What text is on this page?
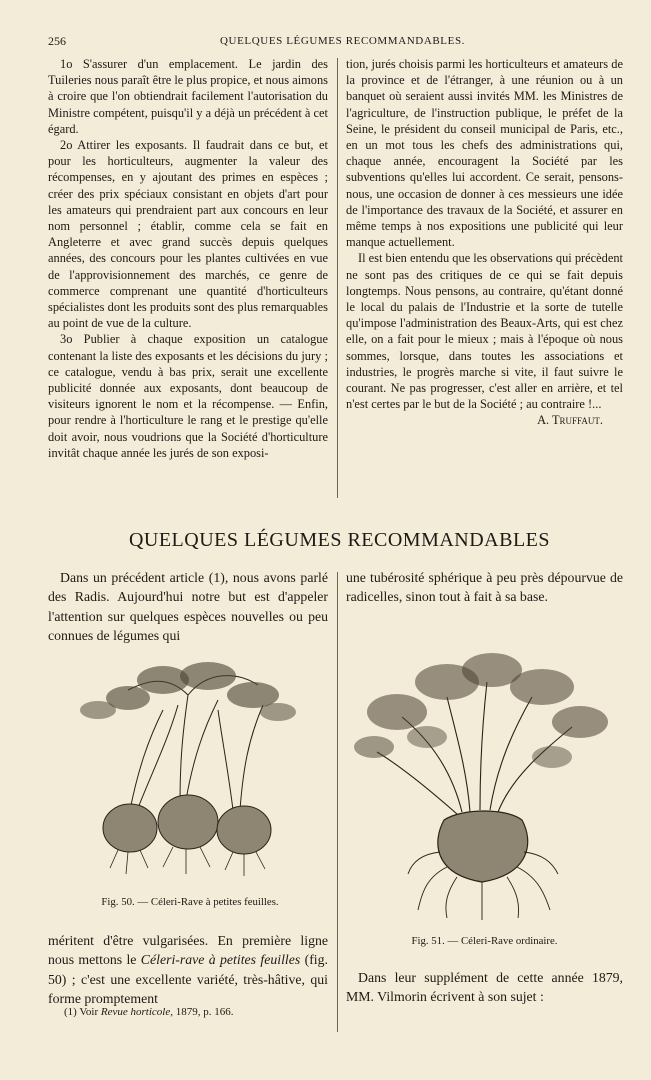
256	QUELQUES LÉGUMES RECOMMANDABLES.

1o S'assurer d'un emplacement. Le jardin des Tuileries nous paraît être le plus propice, et nous aimons à croire que l'on obtiendrait facilement l'autorisation du Ministre compétent, puisqu'il y a déjà un précédent à cet égard.

2o Attirer les exposants. Il faudrait dans ce but, et pour les horticulteurs, augmenter la valeur des récompenses, en y ajoutant des primes en espèces ; créer des prix spéciaux consistant en objets d'art pour les amateurs qui prendraient part aux concours en leur nom personnel ; établir, comme cela se fait en Angleterre et avec grand succès depuis quelques années, des concours pour les plantes cultivées en vue de l'approvisionnement des marchés, ce genre de commerce comprenant une quantité d'horticulteurs spécialistes dont les produits sont des plus remarquables au point de vue de la culture.

3o Publier à chaque exposition un catalogue contenant la liste des exposants et les décisions du jury ; ce catalogue, vendu à bas prix, serait une excellente publicité donnée aux exposants, dont beaucoup de visiteurs ignorent le nom et la récompense. — Enfin, pour rendre à l'horticulture le rang et le prestige qu'elle doit avoir, nous voudrions que la Société d'horticulture invitât chaque année les jurés de son exposi-

tion, jurés choisis parmi les horticulteurs et amateurs de la province et de l'étranger, à une réunion ou à un banquet où seraient aussi invités MM. les Ministres de l'agriculture, de l'instruction publique, le préfet de la Seine, le président du conseil municipal de Paris, etc., en un mot tous les chefs des administrations qui, chaque année, encouragent la Société par les subventions qu'elles lui accordent. Ce serait, pensons-nous, une occasion de donner à ces messieurs une idée de l'importance des travaux de la Société, et assurer en même temps à nos expositions une publicité qui leur manque actuellement.

Il est bien entendu que les observations qui précèdent ne sont pas des critiques de ce qui se fait depuis longtemps. Nous pensons, au contraire, qu'étant donné le local du palais de l'Industrie et la sorte de tutelle qu'impose l'administration des Beaux-Arts, qui est chez elle, on a fait pour le mieux ; mais à l'époque où nous sommes, lorsque, dans toutes les associations et industries, le progrès marche si vite, il faut suivre le courant. Ne pas progresser, c'est aller en arrière, et tel n'est certes par le but de la Société ; au contraire !...

A. Truffaut.

QUELQUES LÉGUMES RECOMMANDABLES

Dans un précédent article (1), nous avons parlé des Radis. Aujourd'hui notre but est d'appeler l'attention sur quelques espèces nouvelles ou peu connues de légumes qui

Fig. 50. — Céleri-Rave à petites feuilles.

méritent d'être vulgarisées. En première ligne nous mettons le Céleri-rave à petites feuilles (fig. 50) ; c'est une excellente variété, très-hâtive, qui forme promptement

(1) Voir Revue horticole, 1879, p. 166.

une tubérosité sphérique à peu près dépourvue de radicelles, sinon tout à fait à sa base.

Fig. 51. — Céleri-Rave ordinaire.

Dans leur supplément de cette année 1879, MM. Vilmorin écrivent à son sujet :
